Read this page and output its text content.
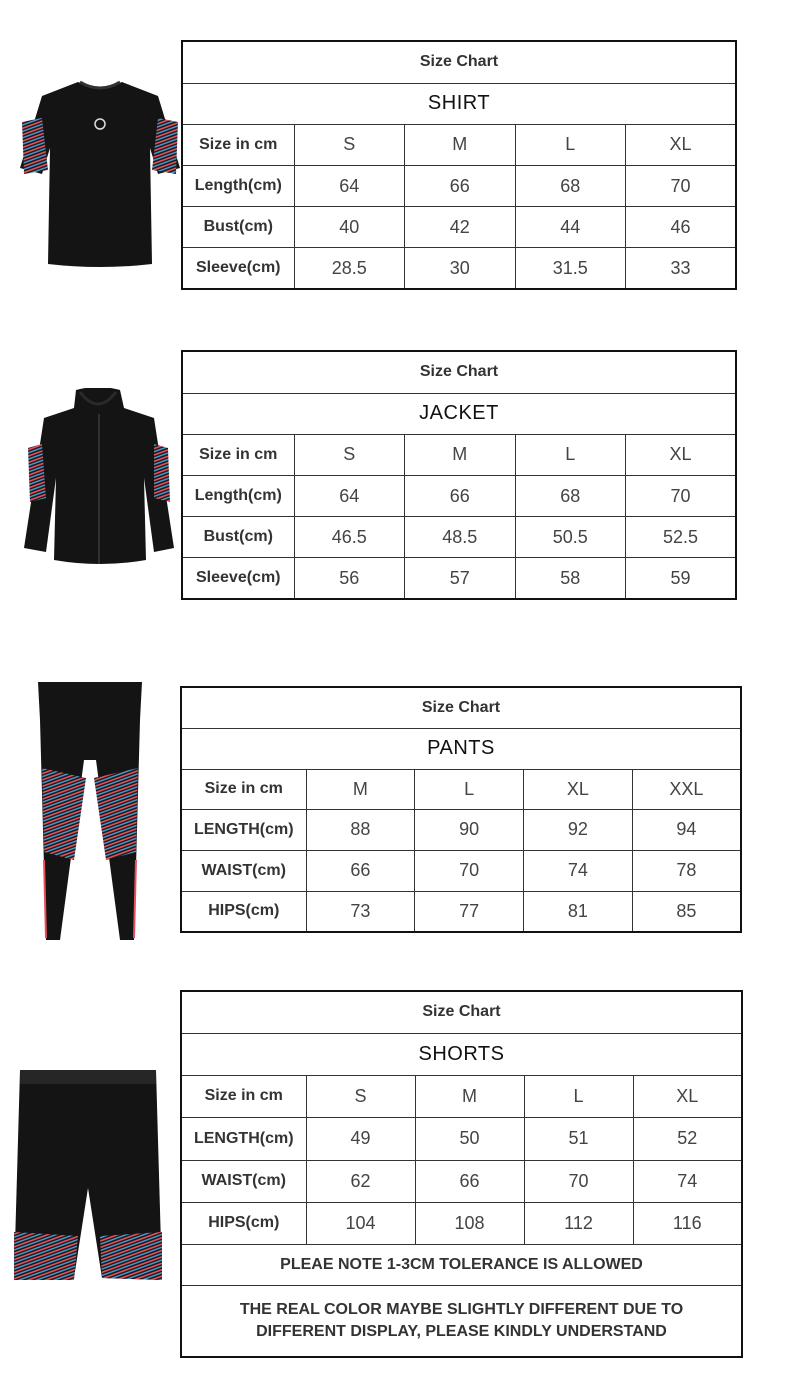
Size Chart				
SHIRT				
Size in cm	S	M	L	XL
Length(cm)	64	66	68	70
Bust(cm)	40	42	44	46
Sleeve(cm)	28.5	30	31.5	33
Size Chart				
JACKET				
Size in cm	S	M	L	XL
Length(cm)	64	66	68	70
Bust(cm)	46.5	48.5	50.5	52.5
Sleeve(cm)	56	57	58	59
Size Chart				
PANTS				
Size in cm	M	L	XL	XXL
LENGTH(cm)	88	90	92	94
WAIST(cm)	66	70	74	78
HIPS(cm)	73	77	81	85
Size Chart				
SHORTS				
Size in cm	S	M	L	XL
LENGTH(cm)	49	50	51	52
WAIST(cm)	62	66	70	74
HIPS(cm)	104	108	112	116
PLEAE NOTE 1-3CM TOLERANCE IS ALLOWED				

THE REAL COLOR MAYBE SLIGHTLY DIFFERENT DUE TO
DIFFERENT DISPLAY, PLEASE KINDLY UNDERSTAND				
